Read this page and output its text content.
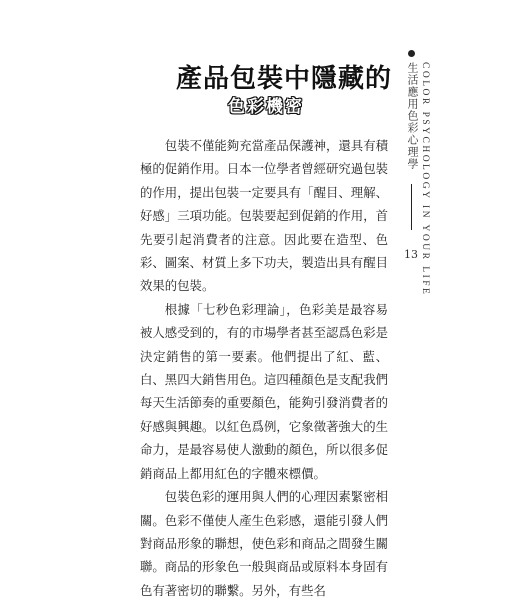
產品包裝中隱藏的
色彩機密

包裝不僅能夠充當產品保護神，還具有積極的促銷作用。日本一位學者曾經研究過包裝的作用，提出包裝一定要具有「醒目、理解、好感」三項功能。包裝要起到促銷的作用，首先要引起消費者的注意。因此要在造型、色彩、圖案、材質上多下功夫，製造出具有醒目效果的包裝。

根據「七秒色彩理論」，色彩美是最容易被人感受到的，有的市場學者甚至認爲色彩是決定銷售的第一要素。他們提出了紅、藍、白、黑四大銷售用色。這四種顏色是支配我們每天生活節奏的重要顏色，能夠引發消費者的好感與興趣。以紅色爲例，它象徵著強大的生命力，是最容易使人激動的顏色，所以很多促銷商品上都用紅色的字體來標價。

包裝色彩的運用與人們的心理因素緊密相關。色彩不僅使人產生色彩感，還能引發人們對商品形象的聯想，使色彩和商品之間發生關聯。商品的形象色一般與商品或原料本身固有色有著密切的聯繫。另外，有些名

生活應用色彩心理學 COLOR PSYCHOLOGY IN YOUR LIFE
13
